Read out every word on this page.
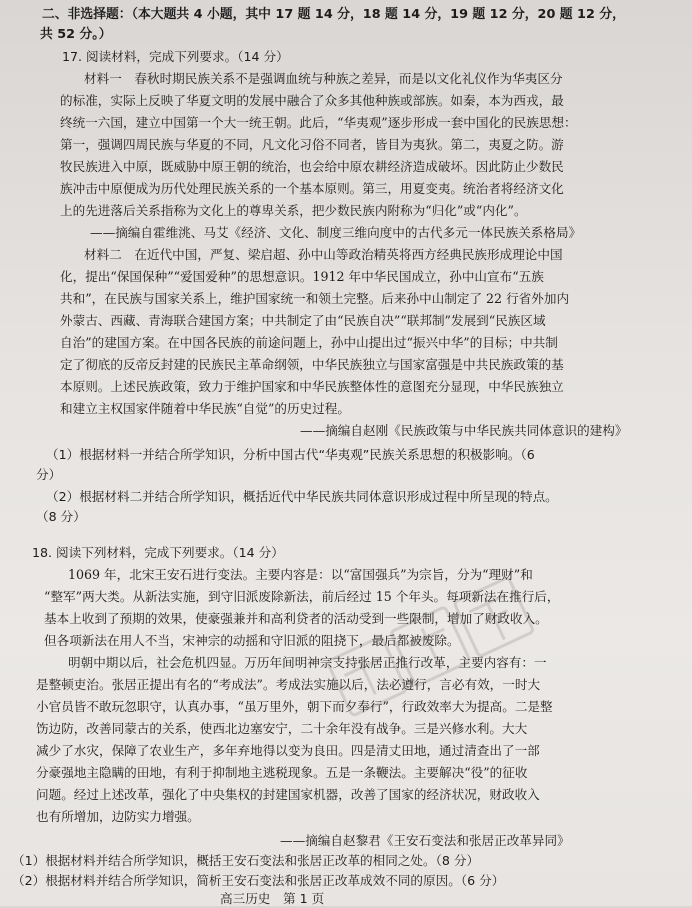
二、非选择题：（本大题共 4 小题，其中 17 题 14 分，18 题 14 分，19 题 12 分，20 题 12 分，
共 52 分。）
17. 阅读材料，完成下列要求。（14 分）
材料一　春秋时期民族关系不是强调血统与种族之差异，而是以文化礼仪作为华夷区分
的标准，实际上反映了华夏文明的发展中融合了众多其他种族或部族。如秦，本为西戎，最
终统一六国，建立中国第一个大一统王朝。此后，“华夷观”逐步形成一套中国化的民族思想：
第一，强调四周民族与华夏的不同，凡文化习俗不同者，皆目为夷狄。第二，夷夏之防。游
牧民族进入中原，既威胁中原王朝的统治，也会给中原农耕经济造成破坏。因此防止少数民
族冲击中原便成为历代处理民族关系的一个基本原则。第三，用夏变夷。统治者将经济文化
上的先进落后关系指称为文化上的尊卑关系，把少数民族内附称为“归化”或“内化”。
——摘编自霍维洮、马艾《经济、文化、制度三维向度中的古代多元一体民族关系格局》
材料二　在近代中国，严复、梁启超、孙中山等政治精英将西方经典民族形成理论中国
化，提出“保国保种”“爱国爱种”的思想意识。1912 年中华民国成立，孙中山宣布“五族
共和”，在民族与国家关系上，维护国家统一和领土完整。后来孙中山制定了 22 行省外加内
外蒙古、西藏、青海联合建国方案；中共制定了由“民族自决”“联邦制”发展到“民族区域
自治”的建国方案。在中国各民族的前途问题上，孙中山提出过“振兴中华”的目标；中共制
定了彻底的反帝反封建的民族民主革命纲领，中华民族独立与国家富强是中共民族政策的基
本原则。上述民族政策，致力于维护国家和中华民族整体性的意图充分显现，中华民族独立
和建立主权国家伴随着中华民族“自觉”的历史过程。
——摘编自赵刚《民族政策与中华民族共同体意识的建构》
（1）根据材料一并结合所学知识，分析中国古代“华夷观”民族关系思想的积极影响。（6
分）
（2）根据材料二并结合所学知识，概括近代中华民族共同体意识形成过程中所呈现的特点。
（8 分）
18. 阅读下列材料，完成下列要求。（14 分）
1069 年，北宋王安石进行变法。主要内容是：以“富国强兵”为宗旨，分为“理财”和
“整军”两大类。从新法实施，到守旧派废除新法，前后经过 15 个年头。每项新法在推行后，
基本上收到了预期的效果，使豪强兼并和高利贷者的活动受到一些限制，增加了财政收入。
但各项新法在用人不当，宋神宗的动摇和守旧派的阻挠下，最后都被废除。
明朝中期以后，社会危机四显。万历年间明神宗支持张居正推行改革，主要内容有：一
是整顿吏治。张居正提出有名的“考成法”。考成法实施以后，法必遵行，言必有效，一时大
小官员皆不敢玩忽职守，认真办事，“虽万里外，朝下而夕奉行”，行政效率大为提高。二是整
饬边防，改善同蒙古的关系，使西北边塞安宁，二十余年没有战争。三是兴修水利。大大
减少了水灾，保障了农业生产，多年弃地得以变为良田。四是清丈田地，通过清查出了一部
分豪强地主隐瞒的田地，有利于抑制地主逃税现象。五是一条鞭法。主要解决“役”的征收
问题。经过上述改革，强化了中央集权的封建国家机器，改善了国家的经济状况，财政收入
也有所增加，边防实力增强。
——摘编自赵黎君《王安石变法和张居正改革异同》
（1）根据材料并结合所学知识，概括王安石变法和张居正改革的相同之处。（8 分）
（2）根据材料并结合所学知识，简析王安石变法和张居正改革成效不同的原因。（6 分）
高三历史　第 1 页
